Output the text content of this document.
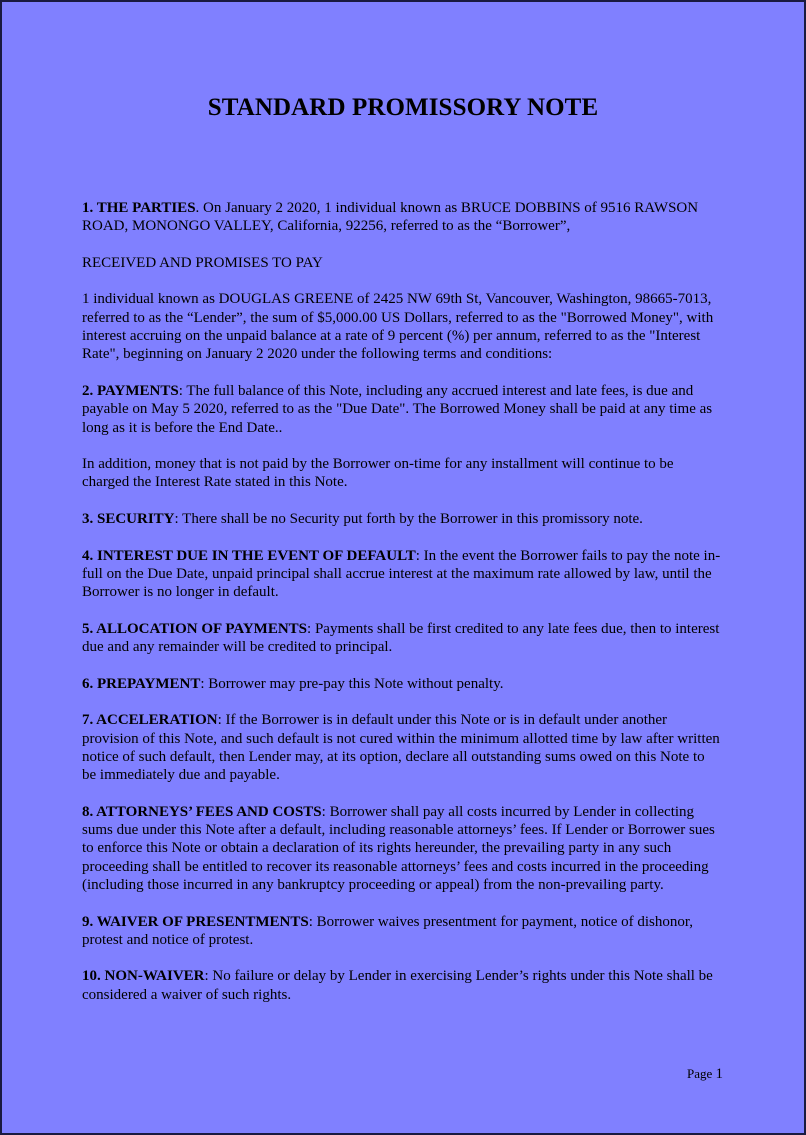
STANDARD PROMISSORY NOTE

1. THE PARTIES. On January 2 2020, 1 individual known as BRUCE DOBBINS of 9516 RAWSON ROAD, MONONGO VALLEY, California, 92256, referred to as the “Borrower”,

RECEIVED AND PROMISES TO PAY

1 individual known as DOUGLAS GREENE of 2425 NW 69th St, Vancouver, Washington, 98665-7013, referred to as the “Lender”, the sum of $5,000.00 US Dollars, referred to as the "Borrowed Money", with interest accruing on the unpaid balance at a rate of 9 percent (%) per annum, referred to as the "Interest Rate", beginning on January 2 2020 under the following terms and conditions:

2. PAYMENTS: The full balance of this Note, including any accrued interest and late fees, is due and payable on May 5 2020, referred to as the "Due Date". The Borrowed Money shall be paid at any time as long as it is before the End Date..

In addition, money that is not paid by the Borrower on-time for any installment will continue to be charged the Interest Rate stated in this Note.

3. SECURITY: There shall be no Security put forth by the Borrower in this promissory note.

4. INTEREST DUE IN THE EVENT OF DEFAULT: In the event the Borrower fails to pay the note in-full on the Due Date, unpaid principal shall accrue interest at the maximum rate allowed by law, until the Borrower is no longer in default.

5. ALLOCATION OF PAYMENTS: Payments shall be first credited to any late fees due, then to interest due and any remainder will be credited to principal.

6. PREPAYMENT: Borrower may pre-pay this Note without penalty.

7. ACCELERATION: If the Borrower is in default under this Note or is in default under another provision of this Note, and such default is not cured within the minimum allotted time by law after written notice of such default, then Lender may, at its option, declare all outstanding sums owed on this Note to be immediately due and payable.

8. ATTORNEYS’ FEES AND COSTS: Borrower shall pay all costs incurred by Lender in collecting sums due under this Note after a default, including reasonable attorneys’ fees. If Lender or Borrower sues to enforce this Note or obtain a declaration of its rights hereunder, the prevailing party in any such proceeding shall be entitled to recover its reasonable attorneys’ fees and costs incurred in the proceeding (including those incurred in any bankruptcy proceeding or appeal) from the non-prevailing party.

9. WAIVER OF PRESENTMENTS: Borrower waives presentment for payment, notice of dishonor, protest and notice of protest.

10. NON-WAIVER: No failure or delay by Lender in exercising Lender’s rights under this Note shall be considered a waiver of such rights.

Page 1
